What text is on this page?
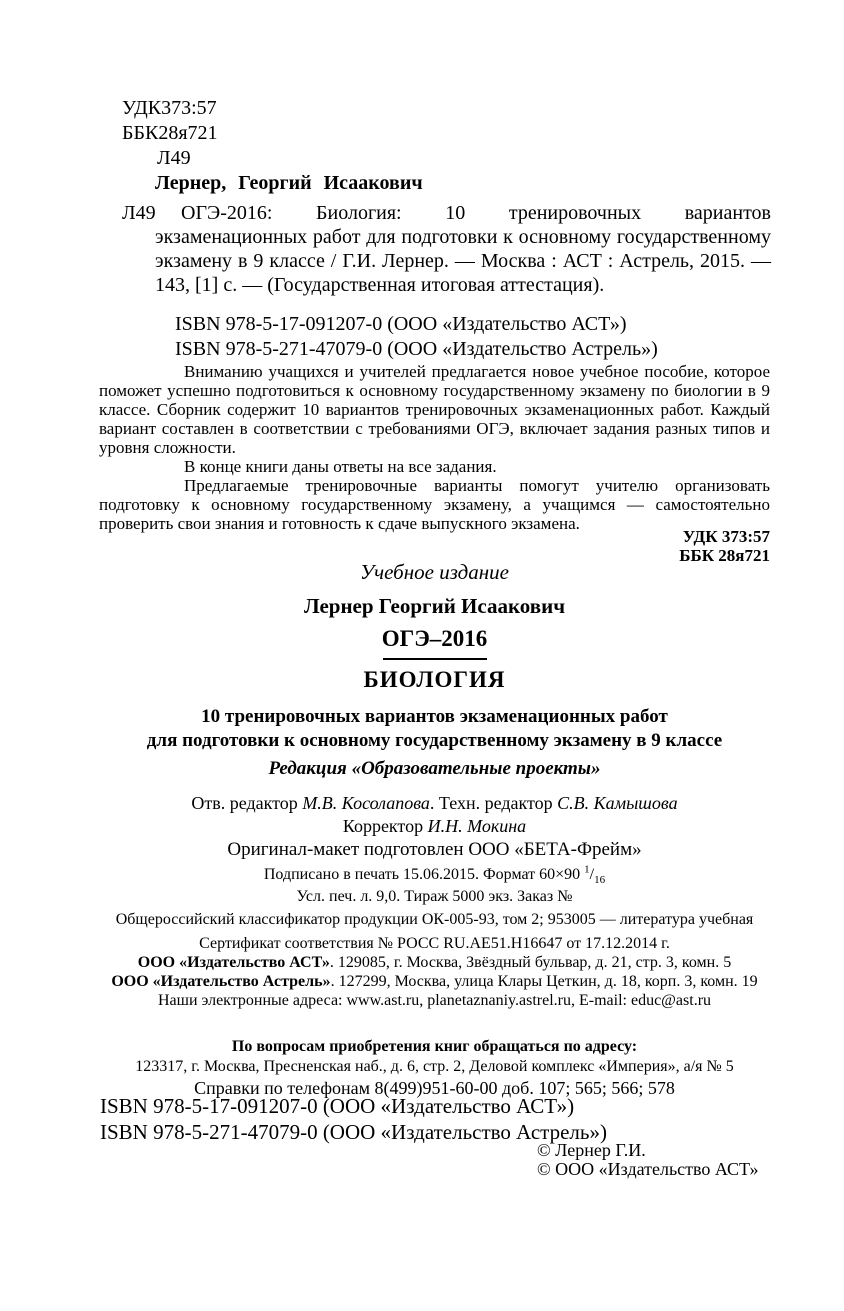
УДК 373:57
ББК 28я721
Л49
Лернер, Георгий Исаакович
Л49 ОГЭ-2016: Биология: 10 тренировочных вариантов экзаменационных работ для подготовки к основному государственному экзамену в 9 классе / Г.И. Лернер. — Москва : АСТ : Астрель, 2015. — 143, [1] с. — (Государственная итоговая аттестация).
ISBN 978-5-17-091207-0 (ООО «Издательство АСТ»)
ISBN 978-5-271-47079-0 (ООО «Издательство Астрель»)

Вниманию учащихся и учителей предлагается новое учебное пособие, которое поможет успешно подготовиться к основному государственному экзамену по биологии в 9 классе. Сборник содержит 10 вариантов тренировочных экзаменационных работ. Каждый вариант составлен в соответствии с требованиями ОГЭ, включает задания разных типов и уровня сложности.

В конце книги даны ответы на все задания.

Предлагаемые тренировочные варианты помогут учителю организовать подготовку к основному государственному экзамену, а учащимся — самостоятельно проверить свои знания и готовность к сдаче выпускного экзамена.

УДК 373:57
ББК 28я721
Учебное издание
Лернер Георгий Исаакович
ОГЭ–2016
БИОЛОГИЯ
10 тренировочных вариантов экзаменационных работ
для подготовки к основному государственному экзамену в 9 классе
Редакция «Образовательные проекты»
Отв. редактор М.В. Косолапова. Техн. редактор С.В. Камышова
Корректор И.Н. Мокина
Оригинал-макет подготовлен ООО «БЕТА-Фрейм»
Подписано в печать 15.06.2015. Формат 60×90 $^1/_{16}$
Усл. печ. л. 9,0. Тираж 5000 экз. Заказ №
Общероссийский классификатор продукции ОК-005-93, том 2; 953005 — литература учебная
Сертификат соответствия № РОСС RU.AE51.H16647 от 17.12.2014 г.
ООО «Издательство АСТ». 129085, г. Москва, Звёздный бульвар, д. 21, стр. 3, комн. 5
ООО «Издательство Астрель». 127299, Москва, улица Клары Цеткин, д. 18, корп. 3, комн. 19
Наши электронные адреса: www.ast.ru, planetaznaniy.astrel.ru, E-mail: educ@ast.ru
По вопросам приобретения книг обращаться по адресу:
123317, г. Москва, Пресненская наб., д. 6, стр. 2, Деловой комплекс «Империя», а/я № 5
Справки по телефонам 8(499)951-60-00 доб. 107; 565; 566; 578
ISBN 978-5-17-091207-0 (ООО «Издательство АСТ»)
ISBN 978-5-271-47079-0 (ООО «Издательство Астрель»)
© Лернер Г.И.
© ООО «Издательство АСТ»
